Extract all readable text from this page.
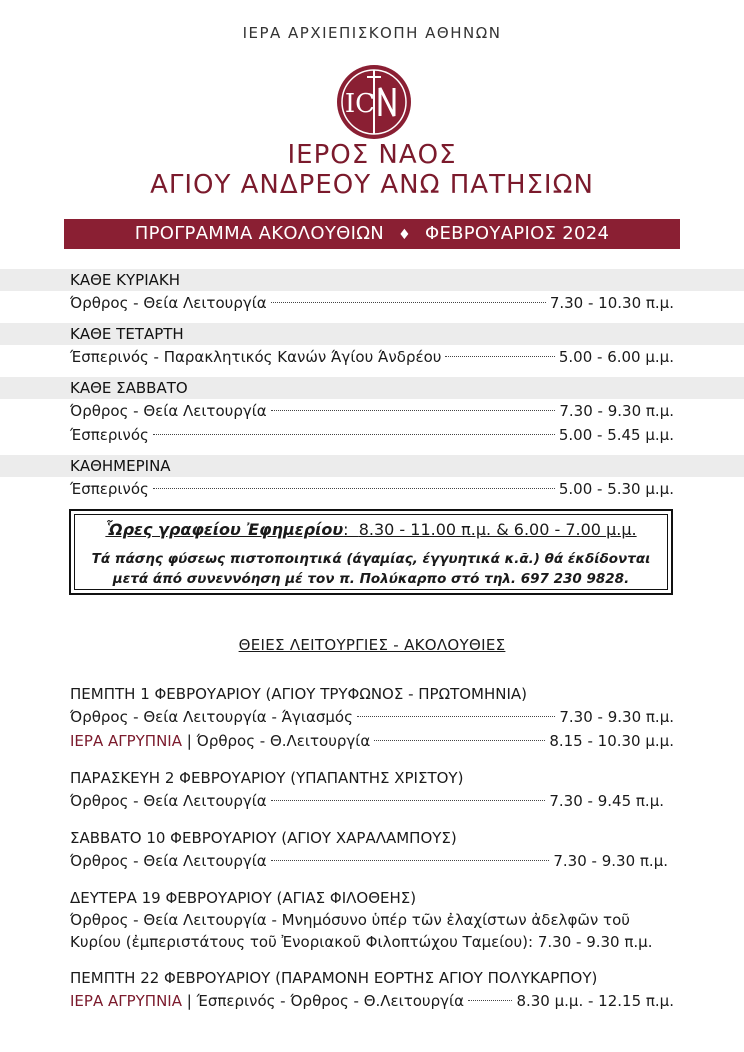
ΙΕΡΑ ΑΡΧΙΕΠΙΣΚΟΠΗ ΑΘΗΝΩΝ
IC
ΙΕΡΟΣ ΝΑΟΣ
ΑΓΙΟΥ ΑΝΔΡΕΟΥ ΑΝΩ ΠΑΤΗΣΙΩΝ
ΠΡΟΓΡΑΜΜΑ ΑΚΟΛΟΥΘΙΩΝ ♦ ΦΕΒΡΟΥΑΡΙΟΣ 2024
ΚΑΘΕ ΚΥΡΙΑΚΗ
Όρθρος - Θεία Λειτουργία	7.30 - 10.30 π.μ.
ΚΑΘΕ ΤΕΤΑΡΤΗ
Έσπερινός - Παρακλητικός Κανών Άγίου Άνδρέου	5.00 - 6.00 μ.μ.
ΚΑΘΕ ΣΑΒΒΑΤΟ
Όρθρος - Θεία Λειτουργία	7.30 - 9.30 π.μ.
Έσπερινός	5.00 - 5.45 μ.μ.
ΚΑΘΗΜΕΡΙΝΑ
Έσπερινός	5.00 - 5.30 μ.μ.
Ὧρες γραφείου Ἐφημερίου:  8.30 - 11.00 π.μ. & 6.00 - 7.00 μ.μ.
Τά πάσης φύσεως πιστοποιητικά (άγαμίας, έγγυητικά κ.ᾶ.) θά έκδίδονται
μετά άπό συνεννόηση μέ τον π. Πολύκαρπο στό τηλ. 697 230 9828.
ΘΕΙΕΣ ΛΕΙΤΟΥΡΓΙΕΣ - ΑΚΟΛΟΥΘΙΕΣ
ΠΕΜΠΤΗ 1 ΦΕΒΡΟΥΑΡΙΟΥ (ΑΓΙΟΥ ΤΡΥΦΩΝΟΣ - ΠΡΩΤΟΜΗΝΙΑ)
Όρθρος - Θεία Λειτουργία - Άγιασμός	7.30 - 9.30 π.μ.
ΙΕΡΑ ΑΓΡΥΠΝΙΑ | Όρθρος - Θ.Λειτουργία	8.15 - 10.30 μ.μ.
ΠΑΡΑΣΚΕΥΗ 2 ΦΕΒΡΟΥΑΡΙΟΥ (ΥΠΑΠΑΝΤΗΣ ΧΡΙΣΤΟΥ)
Όρθρος - Θεία Λειτουργία	7.30 - 9.45 π.μ.
ΣΑΒΒΑΤΟ 10 ΦΕΒΡΟΥΑΡΙΟΥ (ΑΓΙΟΥ ΧΑΡΑΛΑΜΠΟΥΣ)
Όρθρος - Θεία Λειτουργία	7.30 - 9.30 π.μ.
ΔΕΥΤΕΡΑ 19 ΦΕΒΡΟΥΑΡΙΟΥ (ΑΓΙΑΣ ΦΙΛΟΘΕΗΣ)
Όρθρος - Θεία Λειτουργία - Μνημόσυνο ὑπέρ τῶν ἐλαχίστων ἀδελφῶν τοῦ
Κυρίου (ἐμπεριστάτους τοῦ Ἐνοριακοῦ Φιλοπτώχου Ταμείου): 7.30 - 9.30 π.μ.
ΠΕΜΠΤΗ 22 ΦΕΒΡΟΥΑΡΙΟΥ (ΠΑΡΑΜΟΝΗ ΕΟΡΤΗΣ ΑΓΙΟΥ ΠΟΛΥΚΑΡΠΟΥ)
ΙΕΡΑ ΑΓΡΥΠΝΙΑ | Έσπερινός - Όρθρος - Θ.Λειτουργία	8.30 μ.μ. - 12.15 π.μ.
